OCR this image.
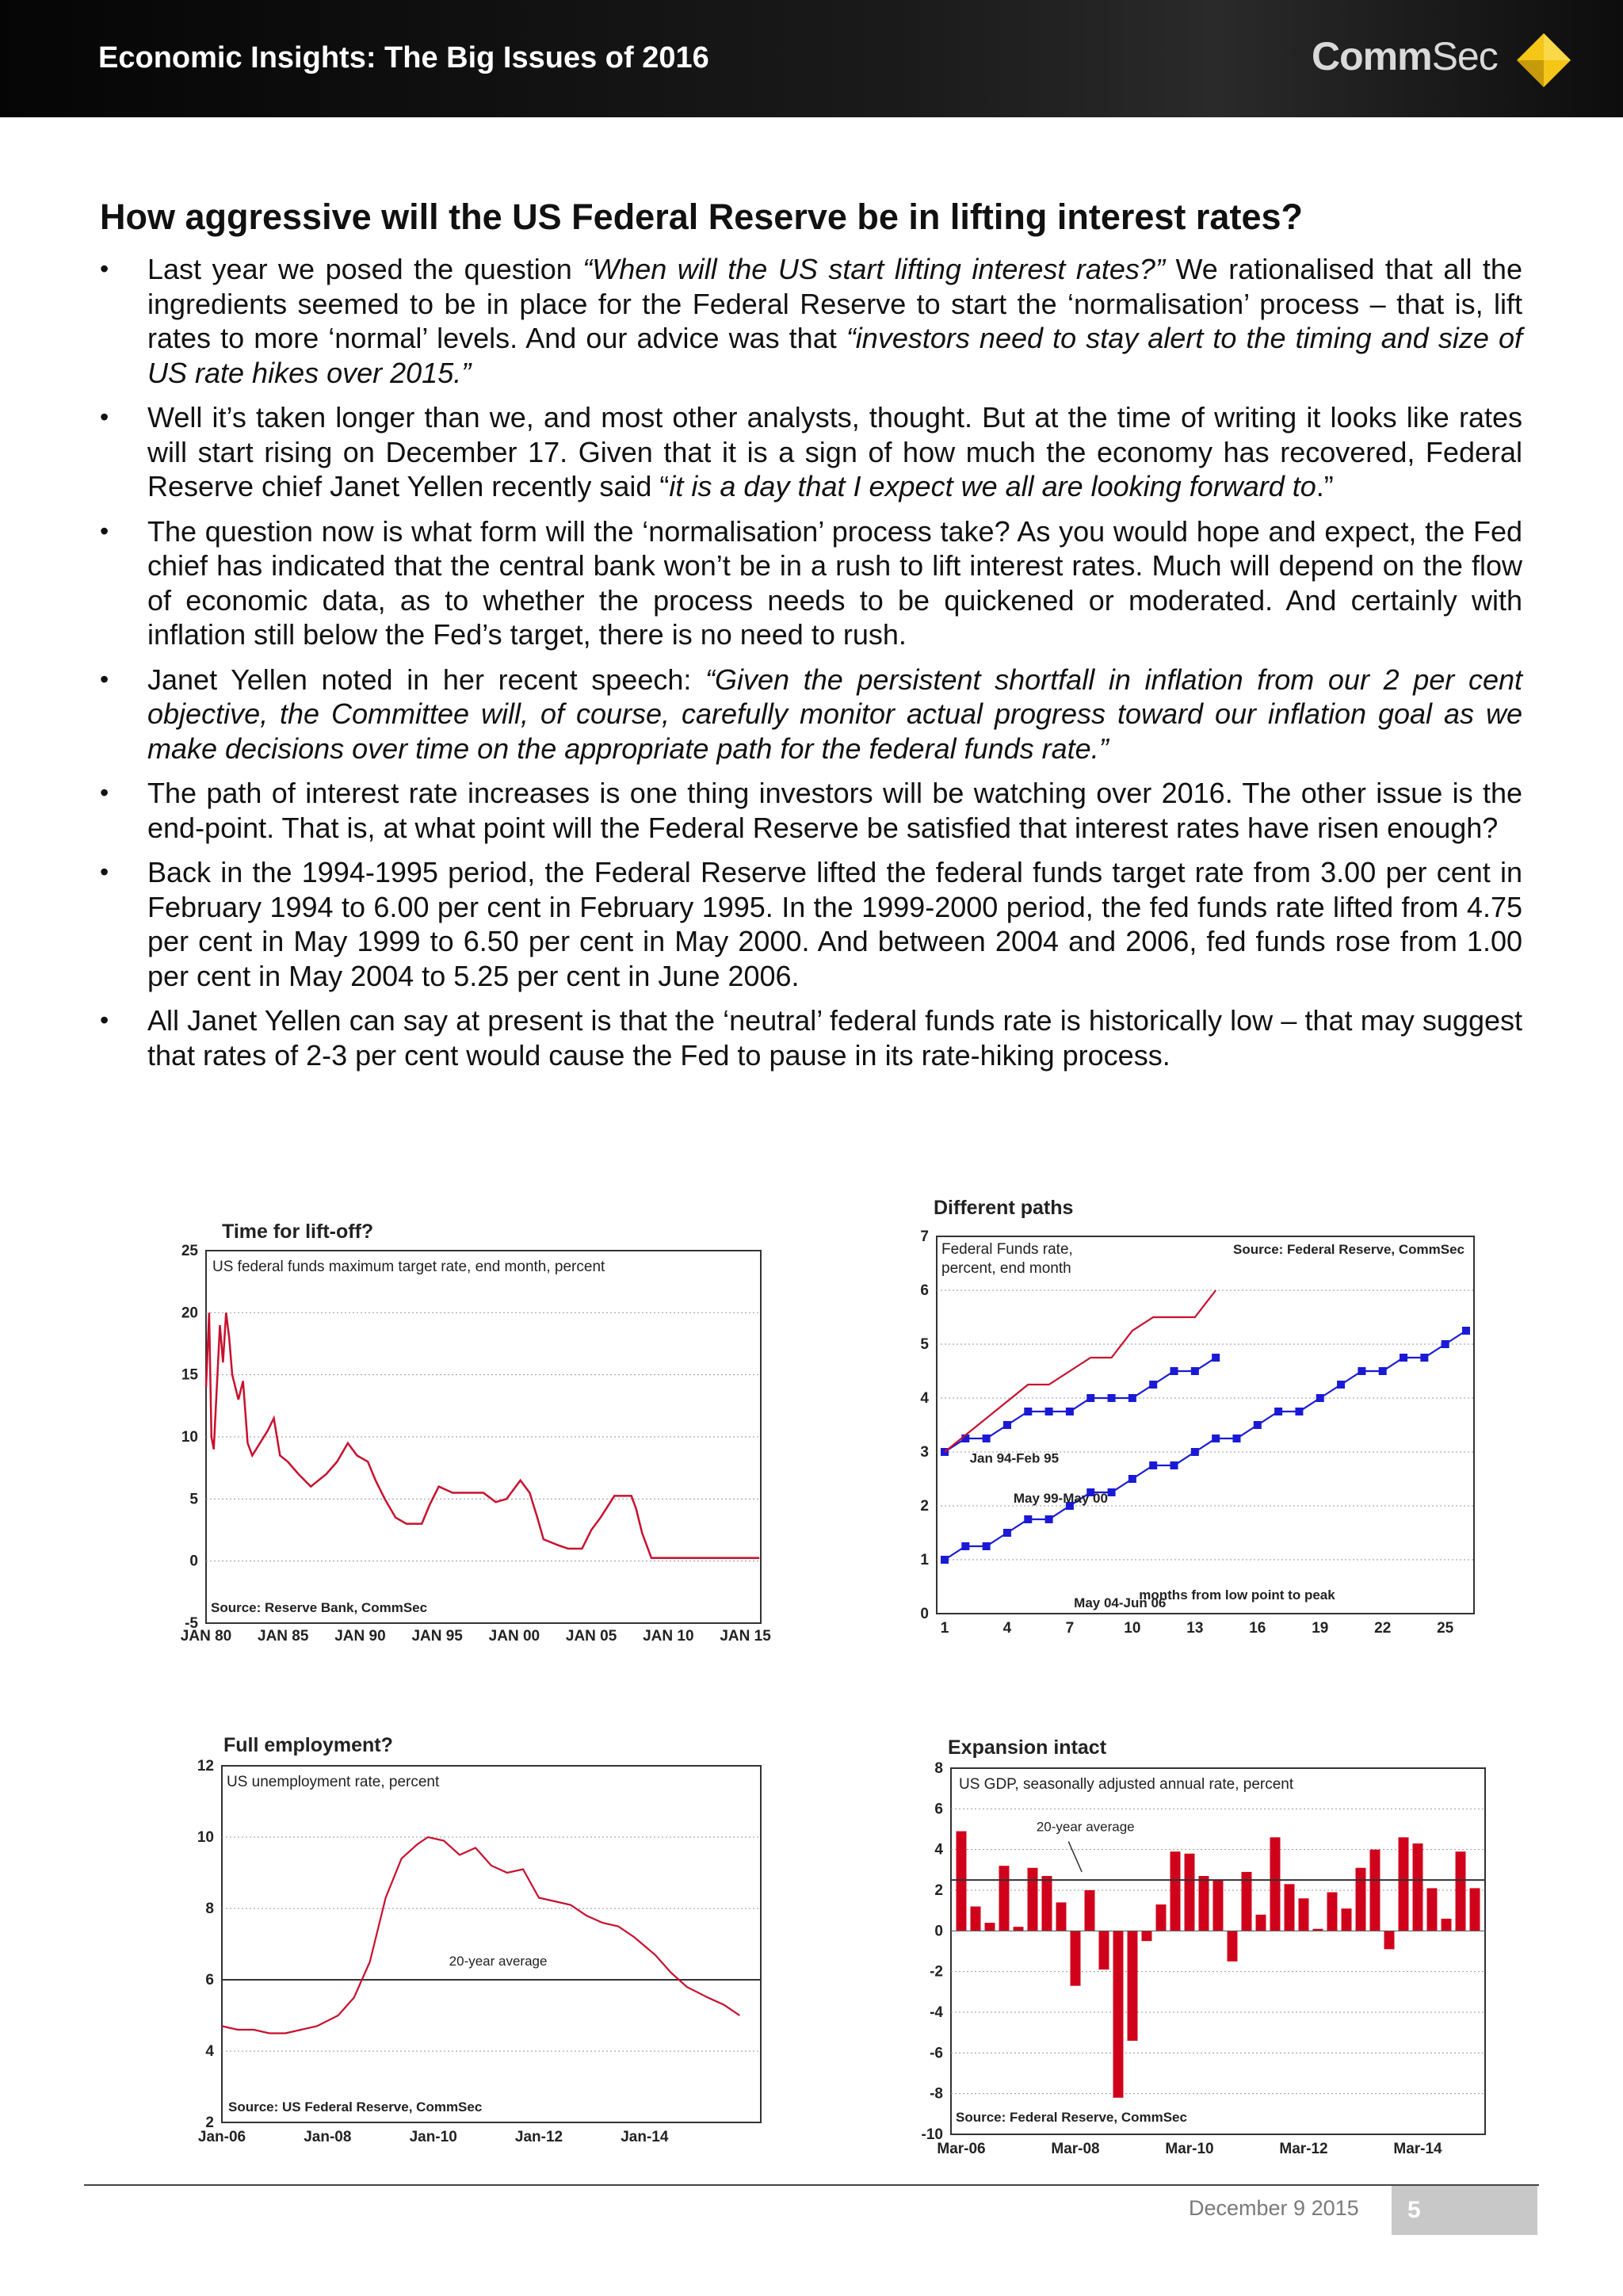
Economic Insights: The Big Issues of 2016	CommSec
How aggressive will the US Federal Reserve be in lifting interest rates?
• Last year we posed the question “When will the US start lifting interest rates?” We rationalised that all the ingredients seemed to be in place for the Federal Reserve to start the ‘normalisation’ process – that is, lift rates to more ‘normal’ levels. And our advice was that “investors need to stay alert to the timing and size of US rate hikes over 2015.”
• Well it’s taken longer than we, and most other analysts, thought. But at the time of writing it looks like rates will start rising on December 17. Given that it is a sign of how much the economy has recovered, Federal Reserve chief Janet Yellen recently said “it is a day that I expect we all are looking forward to.”
• The question now is what form will the ‘normalisation’ process take? As you would hope and expect, the Fed chief has indicated that the central bank won’t be in a rush to lift interest rates. Much will depend on the flow of economic data, as to whether the process needs to be quickened or moderated. And certainly with inflation still below the Fed’s target, there is no need to rush.
• Janet Yellen noted in her recent speech: “Given the persistent shortfall in inflation from our 2 per cent objective, the Committee will, of course, carefully monitor actual progress toward our inflation goal as we make decisions over time on the appropriate path for the federal funds rate.”
• The path of interest rate increases is one thing investors will be watching over 2016. The other issue is the end-point. That is, at what point will the Federal Reserve be satisfied that interest rates have risen enough?
• Back in the 1994-1995 period, the Federal Reserve lifted the federal funds target rate from 3.00 per cent in February 1994 to 6.00 per cent in February 1995. In the 1999-2000 period, the fed funds rate lifted from 4.75 per cent in May 1999 to 6.50 per cent in May 2000. And between 2004 and 2006, fed funds rose from 1.00 per cent in May 2004 to 5.25 per cent in June 2006.
• All Janet Yellen can say at present is that the ‘neutral’ federal funds rate is historically low – that may suggest that rates of 2-3 per cent would cause the Fed to pause in its rate-hiking process.
Time for lift-off?
25
20
15
10
5
0
-5
US federal funds maximum target rate, end month, percent
JAN 80 JAN 85 JAN 90 JAN 95 JAN 00 JAN 05 JAN 10 JAN 15
Source: Reserve Bank, CommSec
Different paths
7
6
5
4
3
2
1
0
Federal Funds rate,
percent, end month
Source: Federal Reserve, CommSec
Jan 94-Feb 95
May 99-May 00
May 04-Jun 06
months from low point to peak
1	4	7	10	13	16	19	22	25
Full employment?
12
10
8
6
4
2
US unemployment rate, percent
20-year average
Jan-06	Jan-08	Jan-10	Jan-12	Jan-14
Source: US Federal Reserve, CommSec
Expansion intact
8
6
4
2
0
-2
-4
-6
-8
-10
US GDP, seasonally adjusted annual rate, percent
20-year average
Mar-06	Mar-08	Mar-10	Mar-12	Mar-14
Source: Federal Reserve, CommSec
December 9 2015 5
